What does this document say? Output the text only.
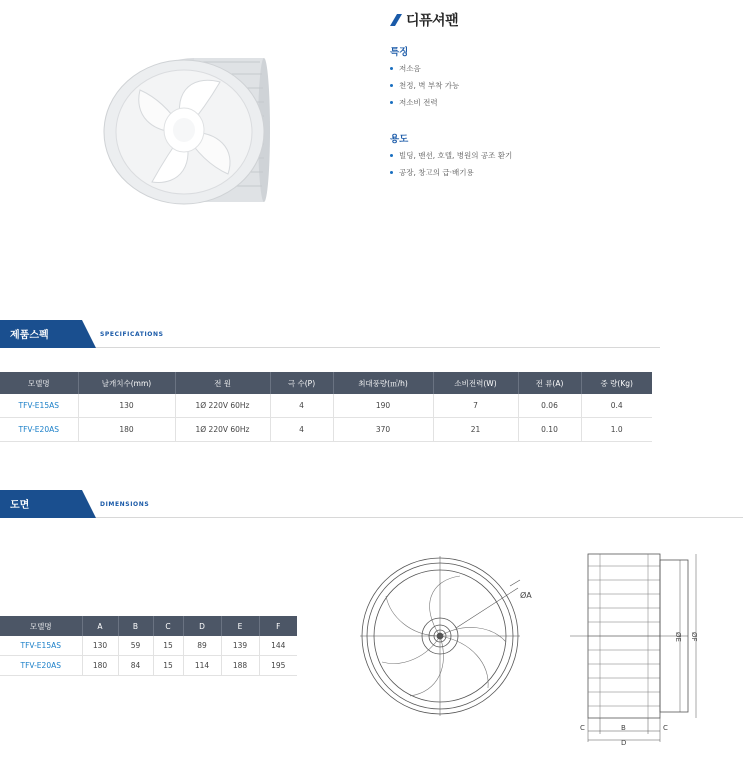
디퓨셔팬
특징
저소음
천정, 벽 부착 가능
저소비 전력
용도
빌딩, 맨션, 호텔, 병원의 공조 환기
공장, 창고의 급·배기용
제품스펙	SPECIFICATIONS
모델명	날개치수(mm)	전 원	극 수(P)	최대풍량(㎥/h)	소비전력(W)	전 류(A)	중 량(Kg)
TFV-E15AS	130	1Ø 220V 60Hz	4	190	7	0.06	0.4
TFV-E20AS	180	1Ø 220V 60Hz	4	370	21	0.10	1.0
도면	DIMENSIONS
모델명	A	B	C	D	E	F
TFV-E15AS	130	59	15	89	139	144
TFV-E20AS	180	84	15	114	188	195
ØA
ØE ØF
C	B	C
D
